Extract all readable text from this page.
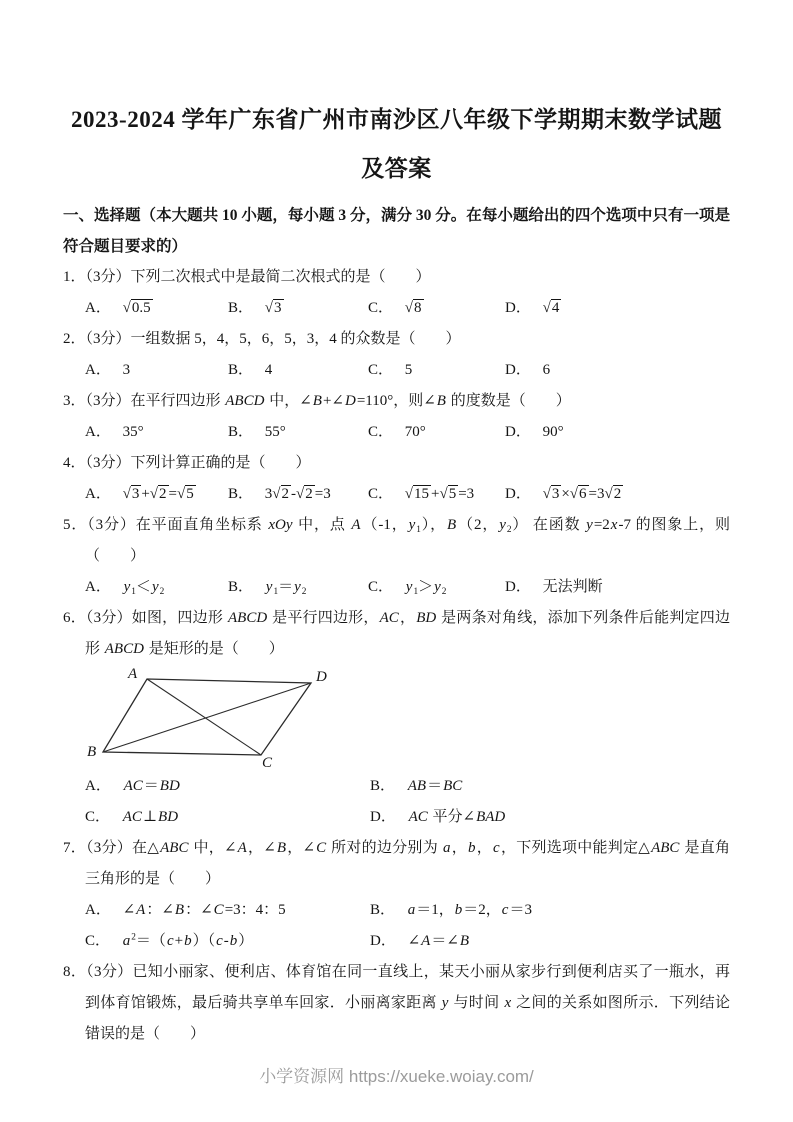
2023-2024 学年广东省广州市南沙区八年级下学期期末数学试题及答案
一、选择题（本大题共 10 小题，每小题 3 分，满分 30 分。在每小题给出的四个选项中只有一项是符合题目要求的）
1．（3分）下列二次根式中是最简二次根式的是（　　）
A． √ 0.5	B． √ 3	C． √ 8	D． √ 4
2．（3分）一组数据 5，4，5，6，5，3，4 的众数是（　　）
A． 3	B． 4	C． 5	D． 6
3．（3分）在平行四边形 ABCD 中，∠B+∠D=110°，则∠B 的度数是（　　）
A． 35°	B． 55°	C． 70°	D． 90°
4．（3分）下列计算正确的是（　　）
A． √ 3 + √ 2 = √ 5	B． 3 √ 2 - √ 2 =3	C． √ 15 + √ 5 =3	D． √ 3 × √ 6 =3 √ 2
5．（3分）在平面直角坐标系 xOy 中，点 A（-1，$y_1$），B（2，$y_2$） 在函数 y=2x-7 的图象上，则（　　）
A． $y_1<y_2$	B． $y_1=y_2$	C． $y_1>y_2$	D． 无法判断
6．（3分）如图，四边形 ABCD 是平行四边形，AC，BD 是两条对角线，添加下列条件后能判定四边形 ABCD 是矩形的是（　　）
A	D
B
C
A． AC＝BD	B． AB＝BC
C． AC⊥BD	D． AC 平分∠BAD
7．（3分）在△ABC 中，∠A，∠B，∠C 所对的边分别为 a，b，c，下列选项中能判定△ABC 是直角三角形的是（　　）
A． ∠A：∠B：∠C=3：4：5	B． a＝1，b＝2，c＝3
C． $a^2=(c+b)(c-b)$	D． ∠A＝∠B
8．（3分）已知小丽家、便利店、体育馆在同一直线上，某天小丽从家步行到便利店买了一瓶水，再到体育馆锻炼，最后骑共享单车回家．小丽离家距离 y 与时间 x 之间的关系如图所示．下列结论错误的是（　　）
小学资源网 https://xueke.woiay.com/
